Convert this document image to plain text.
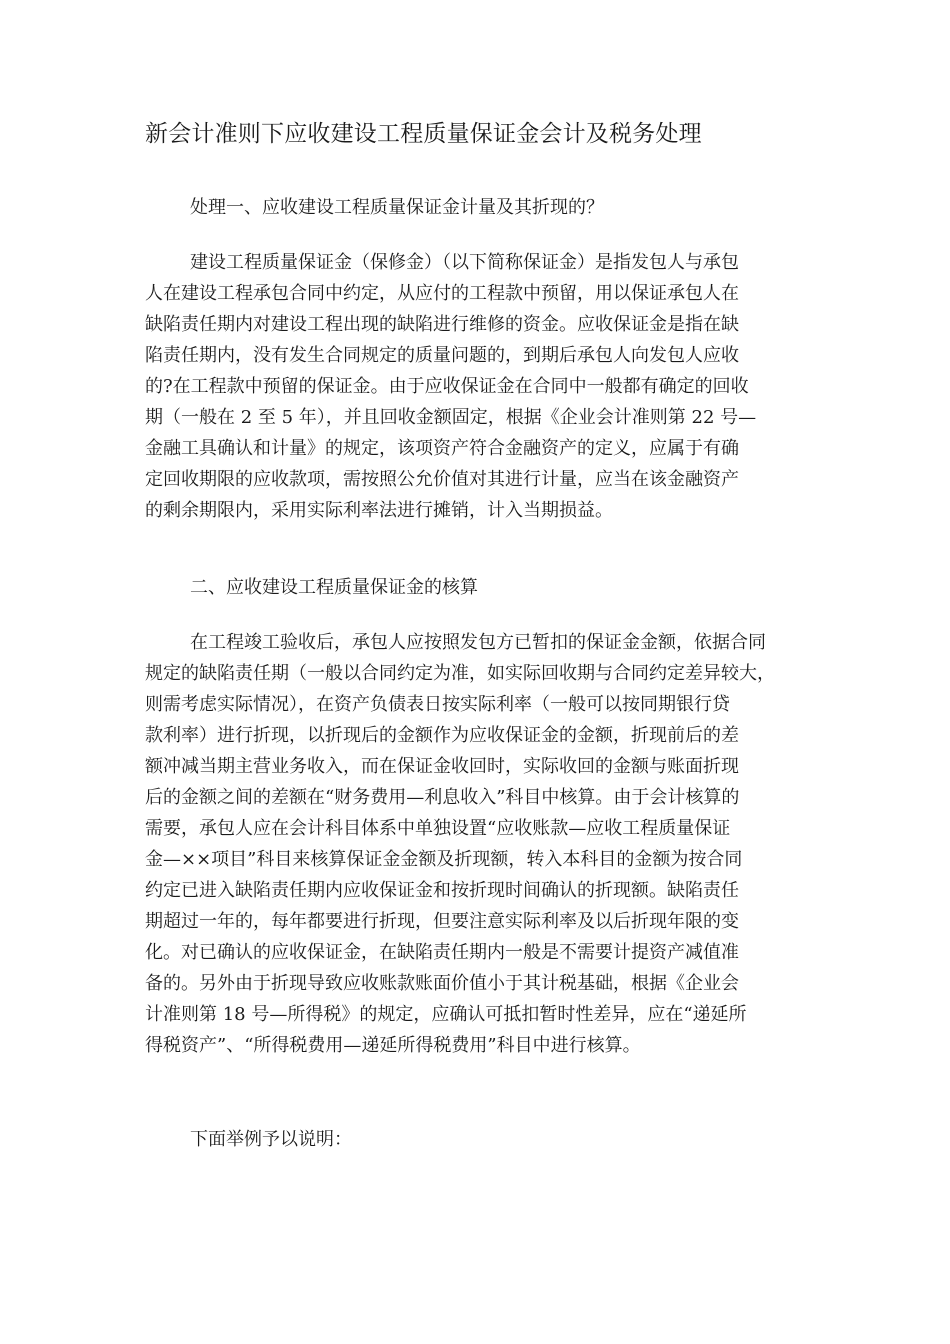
新会计准则下应收建设工程质量保证金会计及税务处理
处理一、应收建设工程质量保证金计量及其折现的？
建设工程质量保证金（保修金）（以下简称保证金）是指发包人与承包
人在建设工程承包合同中约定，从应付的工程款中预留，用以保证承包人在
缺陷责任期内对建设工程出现的缺陷进行维修的资金。应收保证金是指在缺
陷责任期内，没有发生合同规定的质量问题的，到期后承包人向发包人应收
的?在工程款中预留的保证金。由于应收保证金在合同中一般都有确定的回收
期（一般在 2 至 5 年），并且回收金额固定，根据《企业会计准则第 22 号—
金融工具确认和计量》的规定，该项资产符合金融资产的定义，应属于有确
定回收期限的应收款项，需按照公允价值对其进行计量，应当在该金融资产
的剩余期限内，采用实际利率法进行摊销，计入当期损益。
二、应收建设工程质量保证金的核算
在工程竣工验收后，承包人应按照发包方已暂扣的保证金金额，依据合同
规定的缺陷责任期（一般以合同约定为准，如实际回收期与合同约定差异较大，
则需考虑实际情况），在资产负债表日按实际利率（一般可以按同期银行贷
款利率）进行折现，以折现后的金额作为应收保证金的金额，折现前后的差
额冲减当期主营业务收入，而在保证金收回时，实际收回的金额与账面折现
后的金额之间的差额在“财务费用—利息收入”科目中核算。由于会计核算的
需要，承包人应在会计科目体系中单独设置“应收账款—应收工程质量保证
金—××项目”科目来核算保证金金额及折现额，转入本科目的金额为按合同
约定已进入缺陷责任期内应收保证金和按折现时间确认的折现额。缺陷责任
期超过一年的，每年都要进行折现，但要注意实际利率及以后折现年限的变
化。对已确认的应收保证金，在缺陷责任期内一般是不需要计提资产减值准
备的。另外由于折现导致应收账款账面价值小于其计税基础，根据《企业会
计准则第 18 号—所得税》的规定，应确认可抵扣暂时性差异，应在“递延所
得税资产”、“所得税费用—递延所得税费用”科目中进行核算。
下面举例予以说明：
